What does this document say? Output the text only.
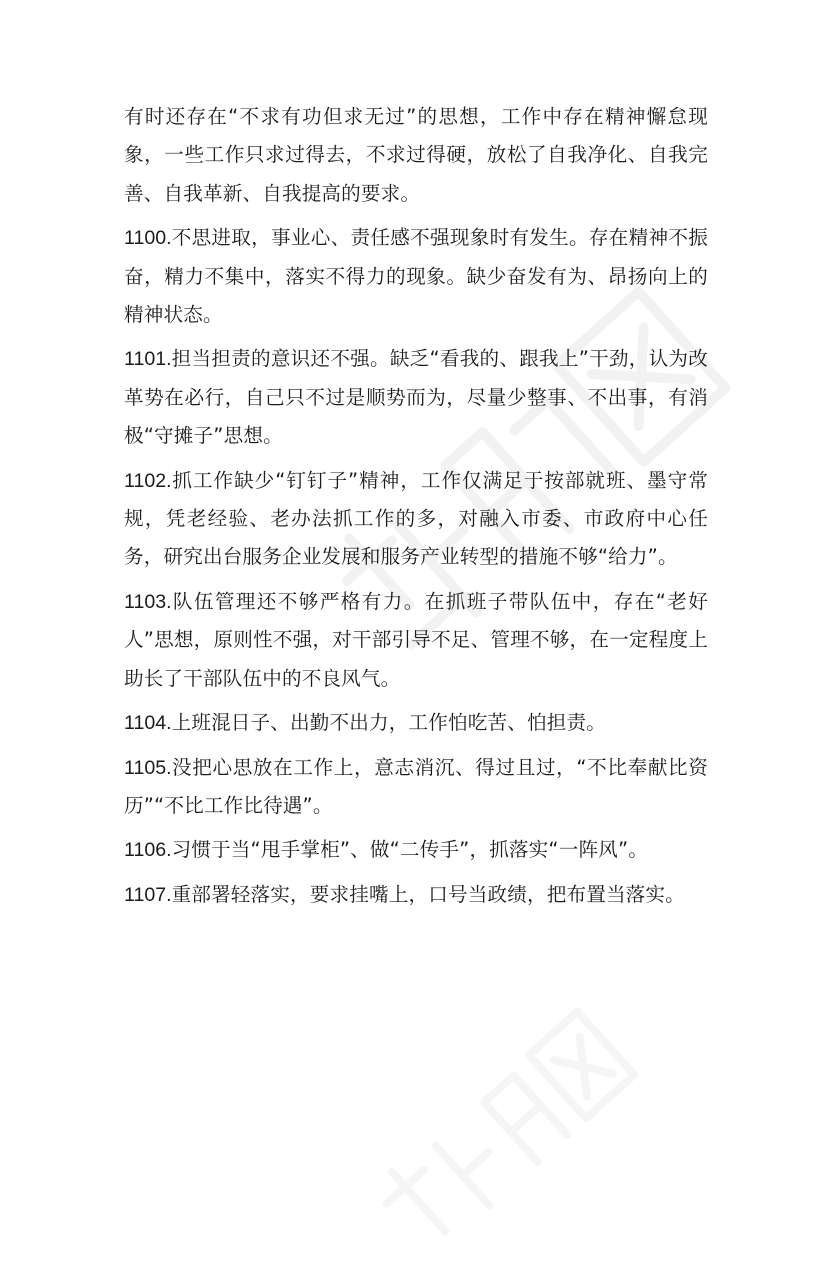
有时还存在“不求有功但求无过”的思想，工作中存在精神懈怠现象，一些工作只求过得去，不求过得硬，放松了自我净化、自我完善、自我革新、自我提高的要求。

1100.不思进取，事业心、责任感不强现象时有发生。存在精神不振奋，精力不集中，落实不得力的现象。缺少奋发有为、昂扬向上的精神状态。

1101.担当担责的意识还不强。缺乏“看我的、跟我上”干劲，认为改革势在必行，自己只不过是顺势而为，尽量少整事、不出事，有消极“守摊子”思想。

1102.抓工作缺少“钉钉子”精神，工作仅满足于按部就班、墨守常规，凭老经验、老办法抓工作的多，对融入市委、市政府中心任务，研究出台服务企业发展和服务产业转型的措施不够“给力”。

1103.队伍管理还不够严格有力。在抓班子带队伍中，存在“老好人”思想，原则性不强，对干部引导不足、管理不够，在一定程度上助长了干部队伍中的不良风气。

1104.上班混日子、出勤不出力，工作怕吃苦、怕担责。

1105.没把心思放在工作上，意志消沉、得过且过，“不比奉献比资历”“不比工作比待遇”。

1106.习惯于当“甩手掌柜”、做“二传手”，抓落实“一阵风”。

1107.重部署轻落实，要求挂嘴上，口号当政绩，把布置当落实。
